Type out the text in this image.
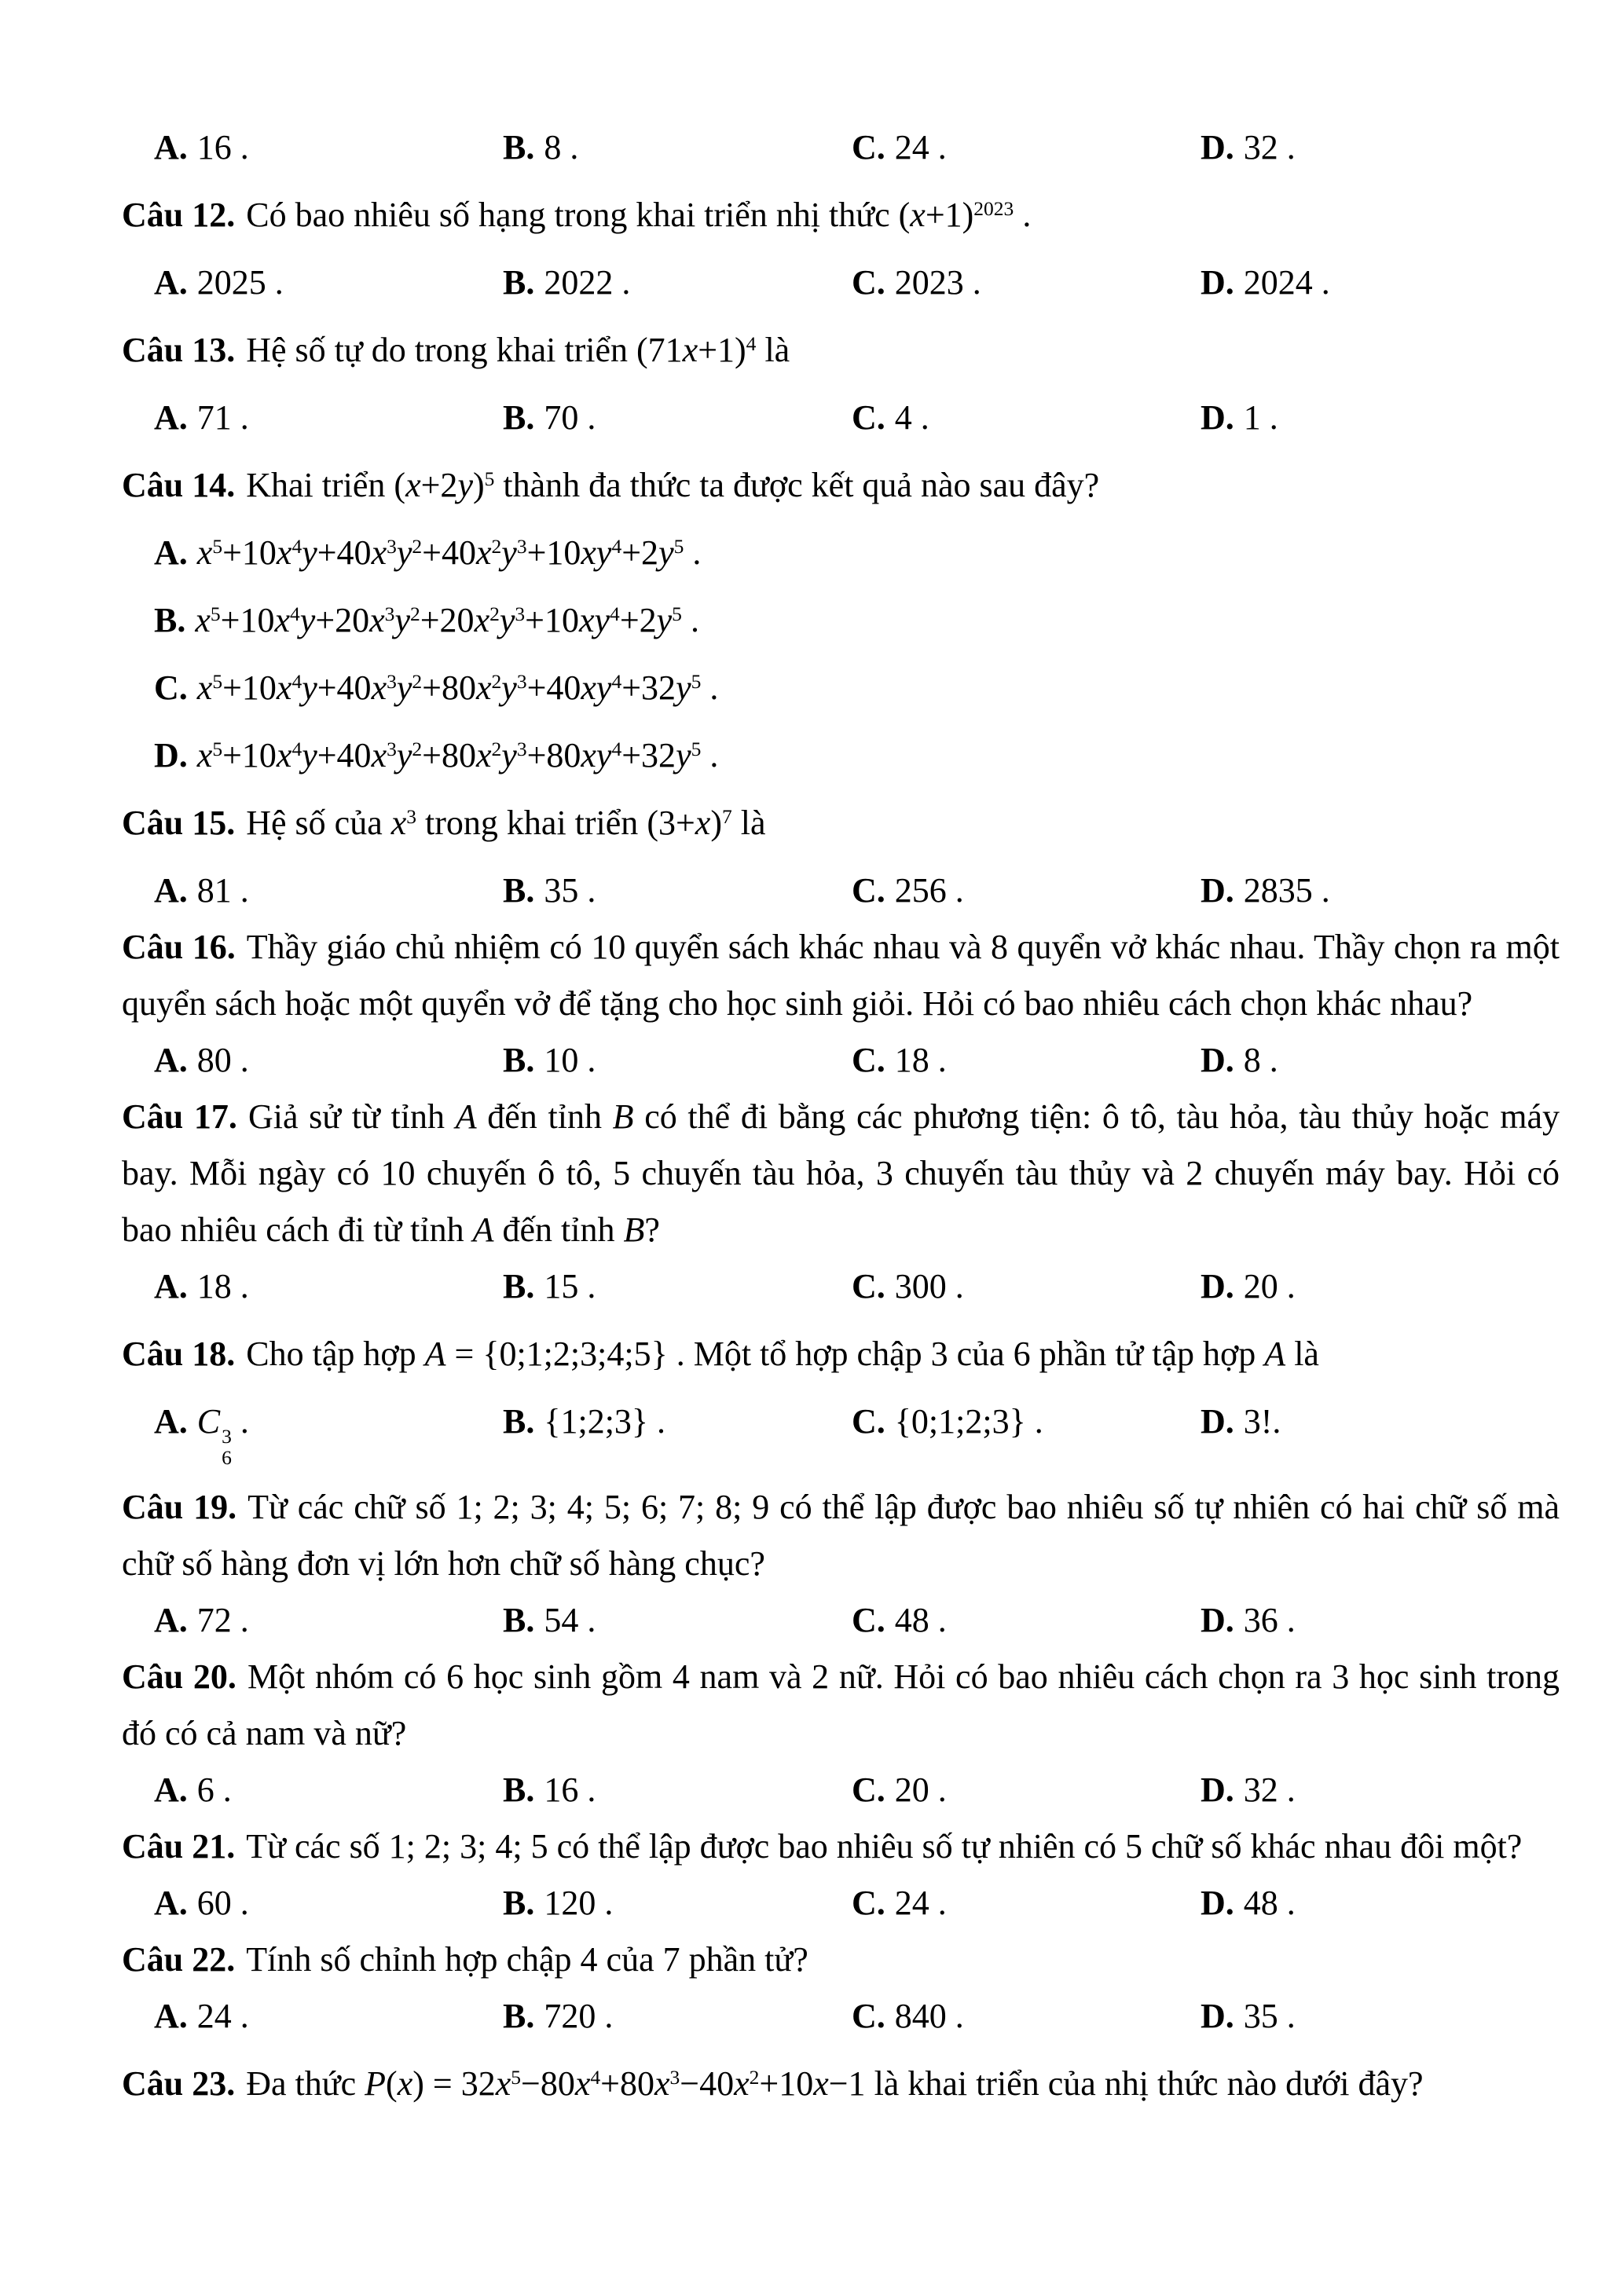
A. 16 .	B. 8 .	C. 24 .	D. 32 .
Câu 12. Có bao nhiêu số hạng trong khai triển nhị thức $(x+1)^{2023}$ .
A. 2025 .	B. 2022 .	C. 2023 .	D. 2024 .
Câu 13. Hệ số tự do trong khai triển $(71x+1)^4$ là
A. 71 .	B. 70 .	C. 4 .	D. 1 .
Câu 14. Khai triển $(x+2y)^5$ thành đa thức ta được kết quả nào sau đây?
A. $x^5+10x^4y+40x^3y^2+40x^2y^3+10xy^4+2y^5$ .
B. $x^5+10x^4y+20x^3y^2+20x^2y^3+10xy^4+2y^5$ .
C. $x^5+10x^4y+40x^3y^2+80x^2y^3+40xy^4+32y^5$ .
D. $x^5+10x^4y+40x^3y^2+80x^2y^3+80xy^4+32y^5$ .
Câu 15. Hệ số của $x^3$ trong khai triển $(3+x)^7$ là
A. 81 .	B. 35 .	C. 256 .	D. 2835 .
Câu 16. Thầy giáo chủ nhiệm có 10 quyển sách khác nhau và 8 quyển vở khác nhau. Thầy chọn ra một quyển sách hoặc một quyển vở để tặng cho học sinh giỏi. Hỏi có bao nhiêu cách chọn khác nhau?
A. 80 .	B. 10 .	C. 18 .	D. 8 .
Câu 17. Giả sử từ tỉnh A đến tỉnh B có thể đi bằng các phương tiện: ô tô, tàu hỏa, tàu thủy hoặc máy bay. Mỗi ngày có 10 chuyến ô tô, 5 chuyến tàu hỏa, 3 chuyến tàu thủy và 2 chuyến máy bay. Hỏi có bao nhiêu cách đi từ tỉnh A đến tỉnh B?
A. 18 .	B. 15 .	C. 300 .	D. 20 .
Câu 18. Cho tập hợp A = {0;1;2;3;4;5} . Một tổ hợp chập 3 của 6 phần tử tập hợp A là
A. C 3
6
.	B. {1;2;3} .	C. {0;1;2;3} .	D. 3!.
Câu 19. Từ các chữ số 1; 2; 3; 4; 5; 6; 7; 8; 9 có thể lập được bao nhiêu số tự nhiên có hai chữ số mà chữ số hàng đơn vị lớn hơn chữ số hàng chục?
A. 72 .	B. 54 .	C. 48 .	D. 36 .
Câu 20. Một nhóm có 6 học sinh gồm 4 nam và 2 nữ. Hỏi có bao nhiêu cách chọn ra 3 học sinh trong đó có cả nam và nữ?
A. 6 .	B. 16 .	C. 20 .	D. 32 .
Câu 21. Từ các số 1; 2; 3; 4; 5 có thể lập được bao nhiêu số tự nhiên có 5 chữ số khác nhau đôi một?
A. 60 .	B. 120 .	C. 24 .	D. 48 .
Câu 22. Tính số chỉnh hợp chập 4 của 7 phần tử?
A. 24 .	B. 720 .	C. 840 .	D. 35 .
Câu 23. Đa thức $P(x) = 32x^5-80x^4+80x^3-40x^2+10x-1$ là khai triển của nhị thức nào dưới đây?
